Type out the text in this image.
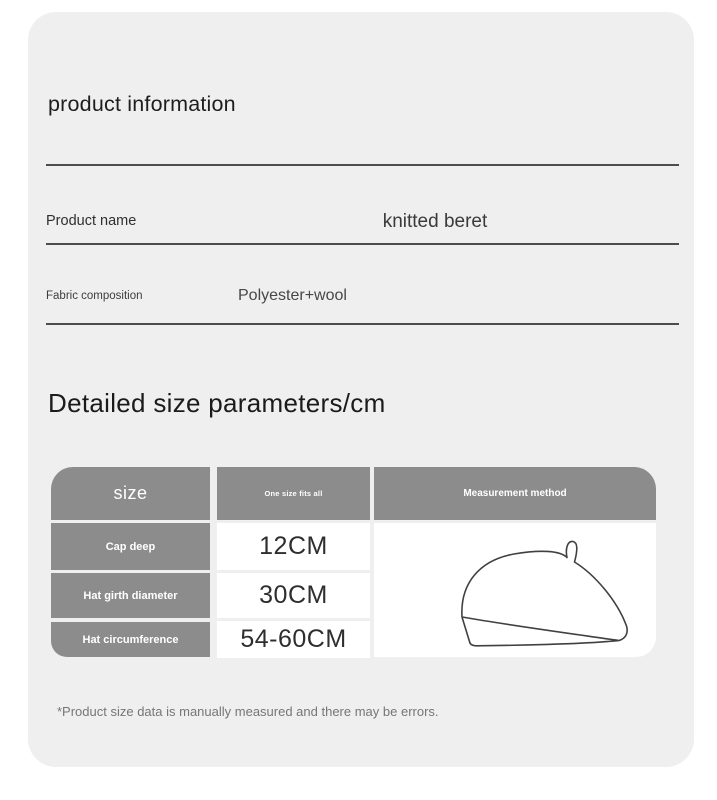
product information
Product name	knitted beret
Fabric composition	Polyester+wool
Detailed size parameters/cm
size	One size fits all	Measurement method
Cap deep	12CM
Hat girth diameter	30CM
Hat circumference	54-60CM
*Product size data is manually measured and there may be errors.
